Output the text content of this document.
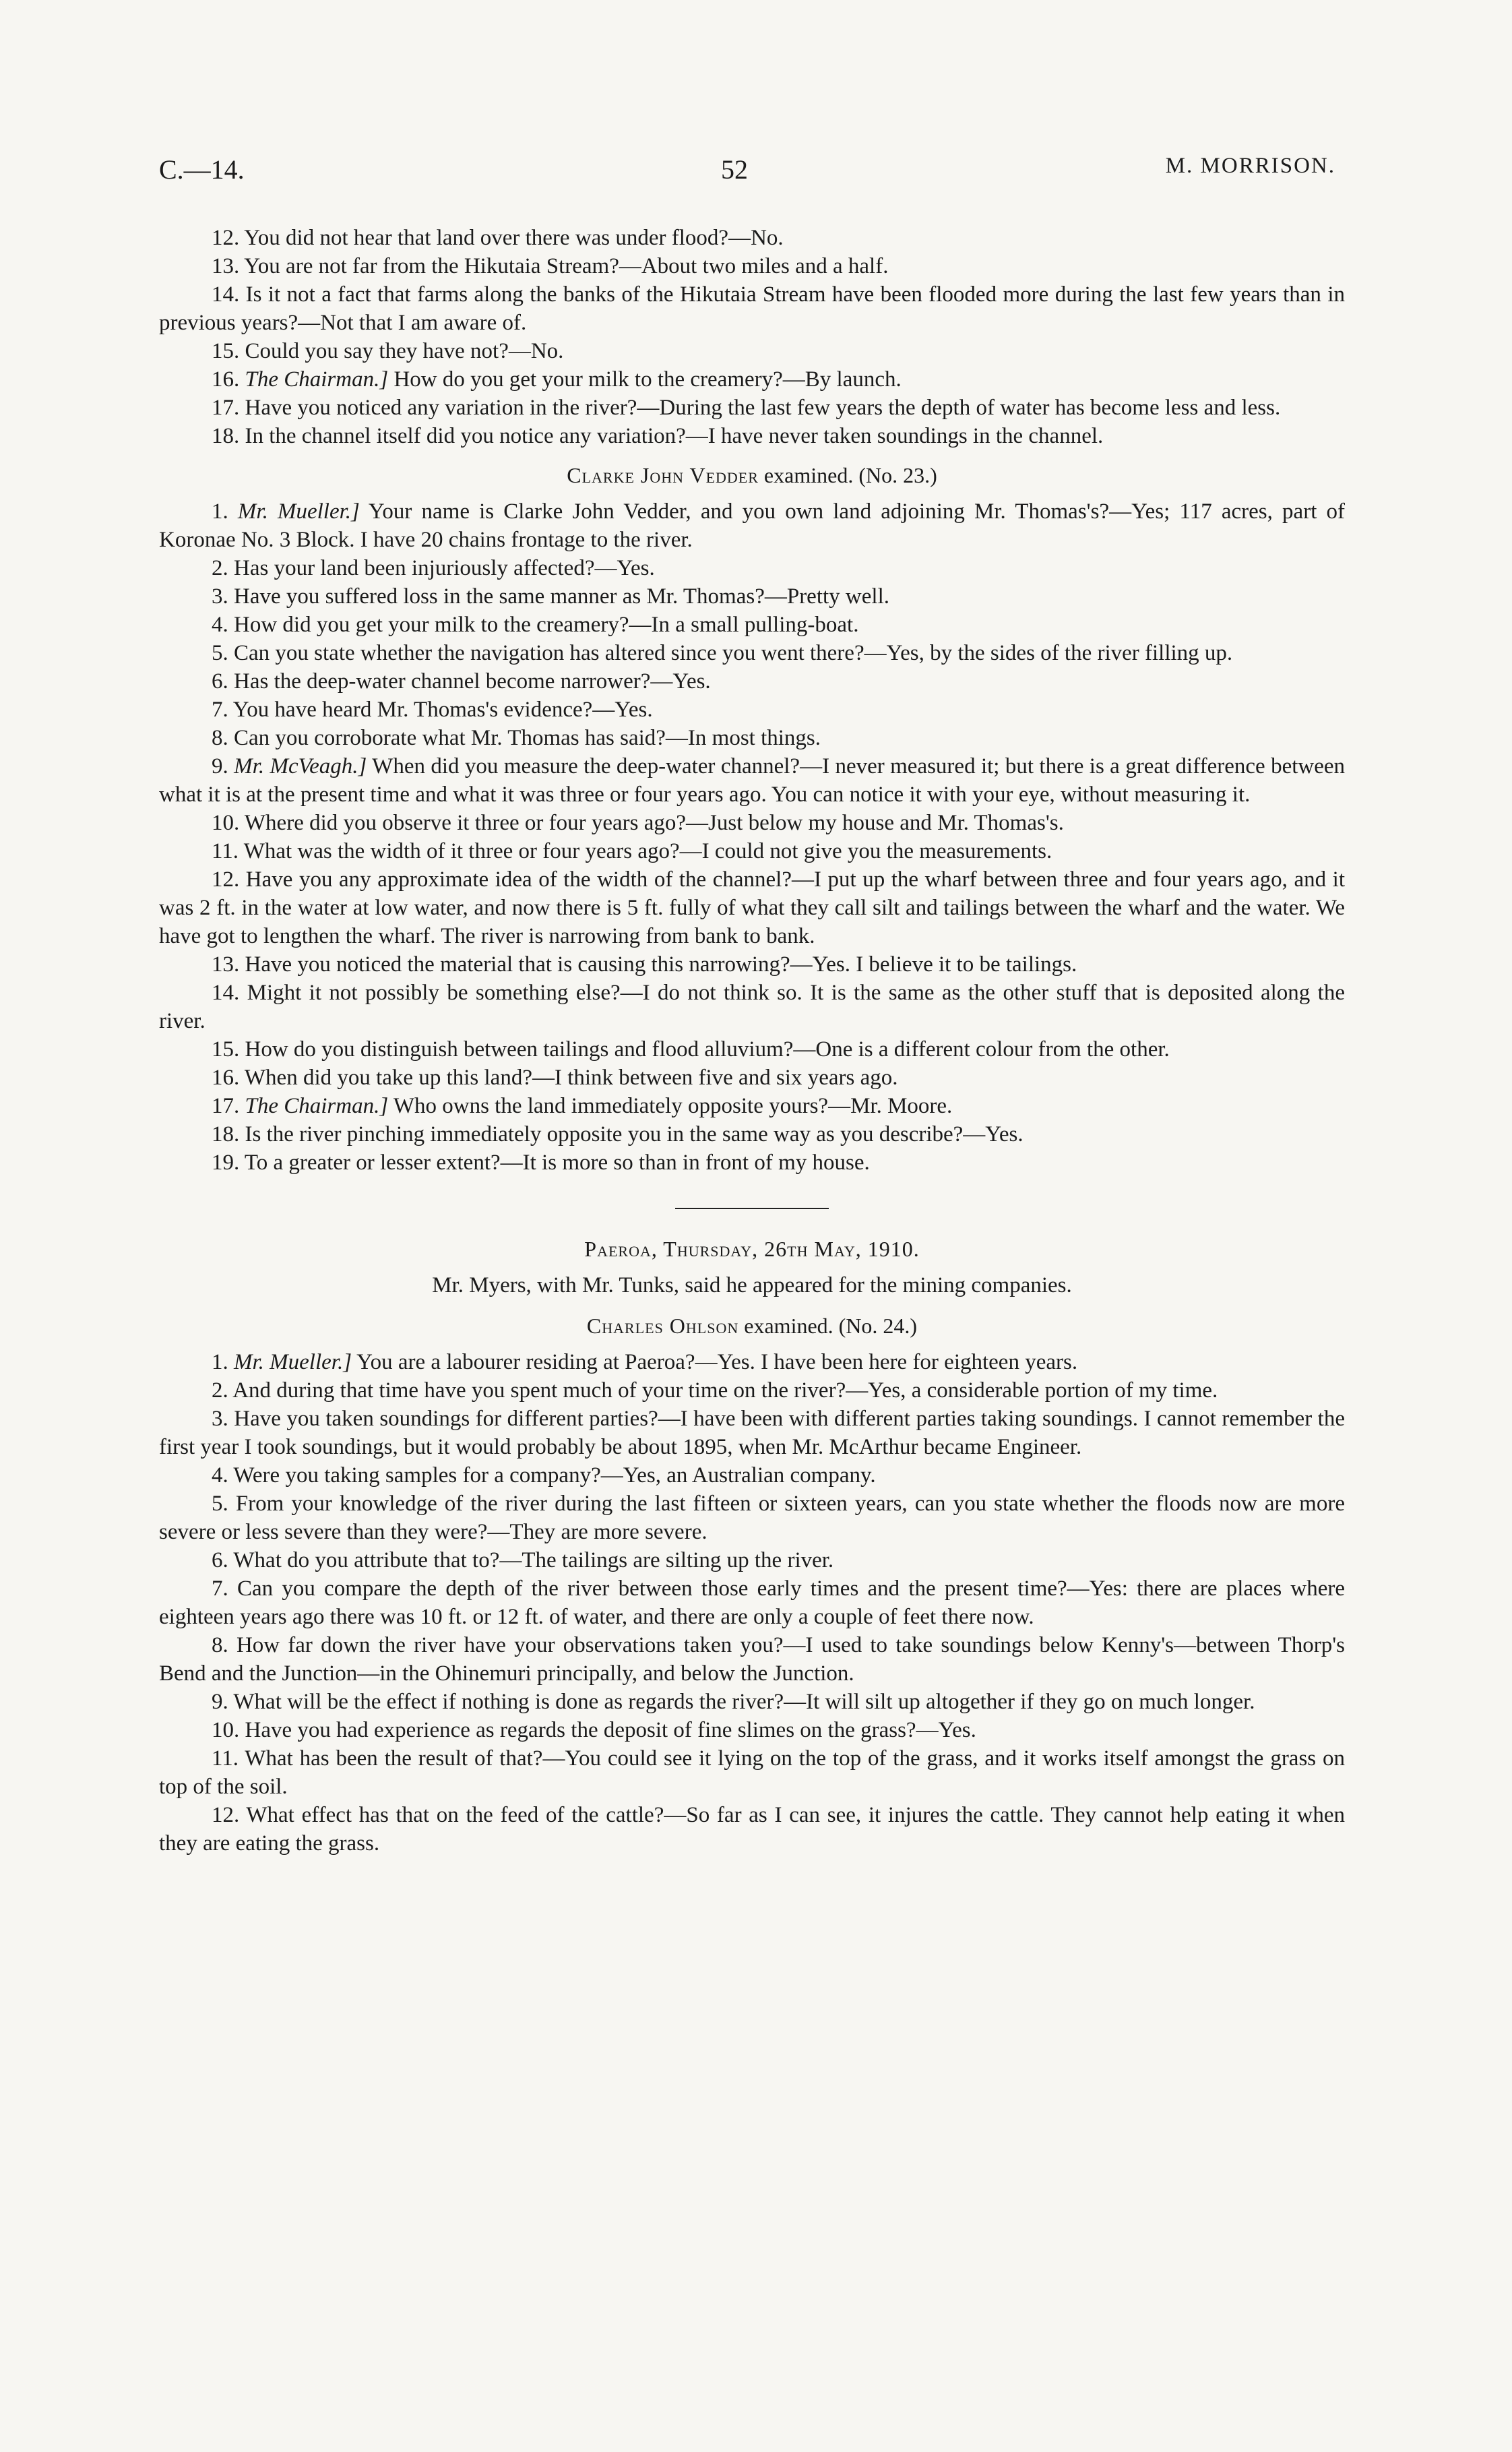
C.—14.	52	M. MORRISON.

12. You did not hear that land over there was under flood?—No.

13. You are not far from the Hikutaia Stream?—About two miles and a half.

14. Is it not a fact that farms along the banks of the Hikutaia Stream have been flooded more during the last few years than in previous years?—Not that I am aware of.

15. Could you say they have not?—No.

16. The Chairman.] How do you get your milk to the creamery?—By launch.

17. Have you noticed any variation in the river?—During the last few years the depth of water has become less and less.

18. In the channel itself did you notice any variation?—I have never taken soundings in the channel.

Clarke John Vedder examined. (No. 23.)

1. Mr. Mueller.] Your name is Clarke John Vedder, and you own land adjoining Mr. Thomas's?—Yes; 117 acres, part of Koronae No. 3 Block. I have 20 chains frontage to the river.

2. Has your land been injuriously affected?—Yes.

3. Have you suffered loss in the same manner as Mr. Thomas?—Pretty well.

4. How did you get your milk to the creamery?—In a small pulling-boat.

5. Can you state whether the navigation has altered since you went there?—Yes, by the sides of the river filling up.

6. Has the deep-water channel become narrower?—Yes.

7. You have heard Mr. Thomas's evidence?—Yes.

8. Can you corroborate what Mr. Thomas has said?—In most things.

9. Mr. McVeagh.] When did you measure the deep-water channel?—I never measured it; but there is a great difference between what it is at the present time and what it was three or four years ago. You can notice it with your eye, without measuring it.

10. Where did you observe it three or four years ago?—Just below my house and Mr. Thomas's.

11. What was the width of it three or four years ago?—I could not give you the measurements.

12. Have you any approximate idea of the width of the channel?—I put up the wharf between three and four years ago, and it was 2 ft. in the water at low water, and now there is 5 ft. fully of what they call silt and tailings between the wharf and the water. We have got to lengthen the wharf. The river is narrowing from bank to bank.

13. Have you noticed the material that is causing this narrowing?—Yes. I believe it to be tailings.

14. Might it not possibly be something else?—I do not think so. It is the same as the other stuff that is deposited along the river.

15. How do you distinguish between tailings and flood alluvium?—One is a different colour from the other.

16. When did you take up this land?—I think between five and six years ago.

17. The Chairman.] Who owns the land immediately opposite yours?—Mr. Moore.

18. Is the river pinching immediately opposite you in the same way as you describe?—Yes.

19. To a greater or lesser extent?—It is more so than in front of my house.

Paeroa, Thursday, 26th May, 1910.

Mr. Myers, with Mr. Tunks, said he appeared for the mining companies.

Charles Ohlson examined. (No. 24.)

1. Mr. Mueller.] You are a labourer residing at Paeroa?—Yes. I have been here for eighteen years.

2. And during that time have you spent much of your time on the river?—Yes, a considerable portion of my time.

3. Have you taken soundings for different parties?—I have been with different parties taking soundings. I cannot remember the first year I took soundings, but it would probably be about 1895, when Mr. McArthur became Engineer.

4. Were you taking samples for a company?—Yes, an Australian company.

5. From your knowledge of the river during the last fifteen or sixteen years, can you state whether the floods now are more severe or less severe than they were?—They are more severe.

6. What do you attribute that to?—The tailings are silting up the river.

7. Can you compare the depth of the river between those early times and the present time?—Yes: there are places where eighteen years ago there was 10 ft. or 12 ft. of water, and there are only a couple of feet there now.

8. How far down the river have your observations taken you?—I used to take soundings below Kenny's—between Thorp's Bend and the Junction—in the Ohinemuri principally, and below the Junction.

9. What will be the effect if nothing is done as regards the river?—It will silt up altogether if they go on much longer.

10. Have you had experience as regards the deposit of fine slimes on the grass?—Yes.

11. What has been the result of that?—You could see it lying on the top of the grass, and it works itself amongst the grass on top of the soil.

12. What effect has that on the feed of the cattle?—So far as I can see, it injures the cattle. They cannot help eating it when they are eating the grass.
